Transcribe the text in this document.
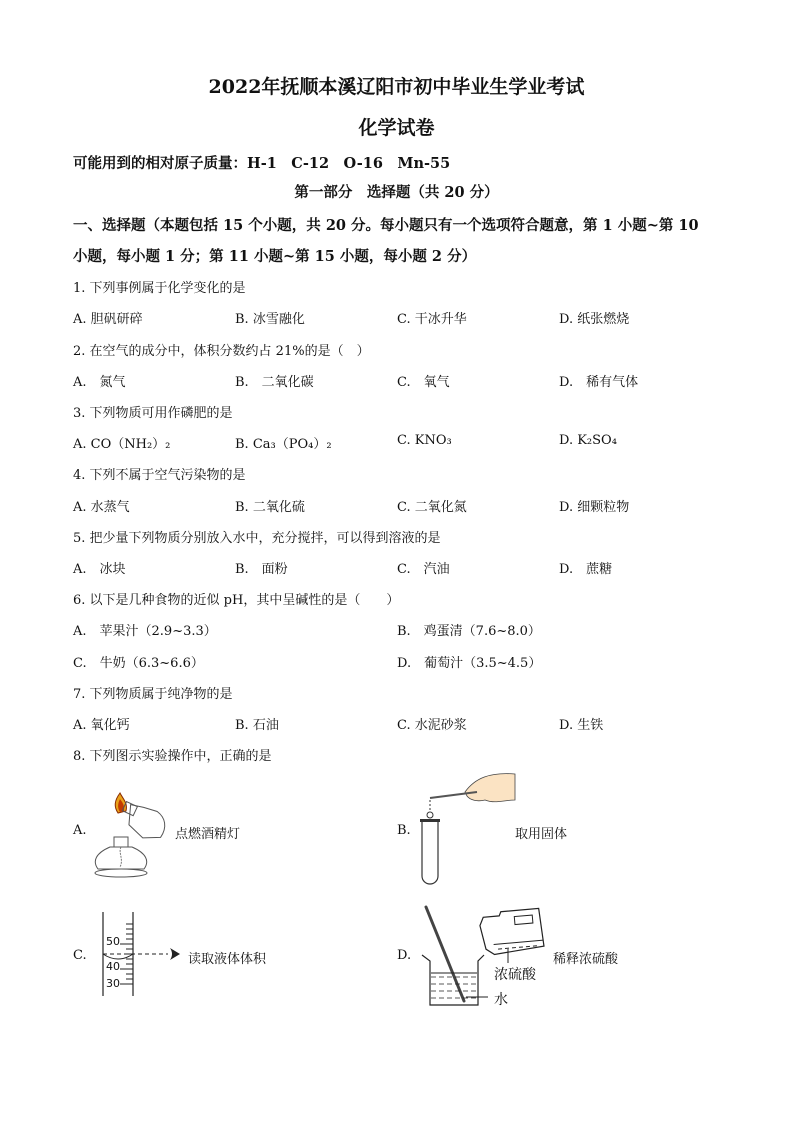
2022年抚顺本溪辽阳市初中毕业生学业考试
化学试卷
可能用到的相对原子质量：H-1　C-12　O-16　Mn-55
第一部分　选择题（共 20 分）
一、选择题（本题包括 15 个小题，共 20 分。每小题只有一个选项符合题意，第 1 小题~第 10
小题，每小题 1 分；第 11 小题~第 15 小题，每小题 2 分）
1. 下列事例属于化学变化的是
A. 胆矾研碎	B. 冰雪融化	C. 干冰升华	D. 纸张燃烧
2. 在空气的成分中，体积分数约占 21%的是（　）
A.　氮气	B.　二氧化碳	C.　氧气	D.　稀有气体
3. 下列物质可用作磷肥的是
A. CO（NH₂）₂	B. Ca₃（PO₄）₂	C. KNO₃	D. K₂SO₄
4. 下列不属于空气污染物的是
A. 水蒸气	B. 二氧化硫	C. 二氧化氮	D. 细颗粒物
5. 把少量下列物质分别放入水中，充分搅拌，可以得到溶液的是
A.　冰块	B.　面粉	C.　汽油	D.　蔗糖
6. 以下是几种食物的近似 pH，其中呈碱性的是（　　）
A.　苹果汁（2.9~3.3）	B.　鸡蛋清（7.6~8.0）
C.　牛奶（6.3~6.6）	D.　葡萄汁（3.5~4.5）
7. 下列物质属于纯净物的是
A. 氧化钙	B. 石油	C. 水泥砂浆	D. 生铁
8. 下列图示实验操作中，正确的是
A.	点燃酒精灯	B.	取用固体
C.
50
40
30
读取液体体积	D.
浓硫酸
水
稀释浓硫酸
